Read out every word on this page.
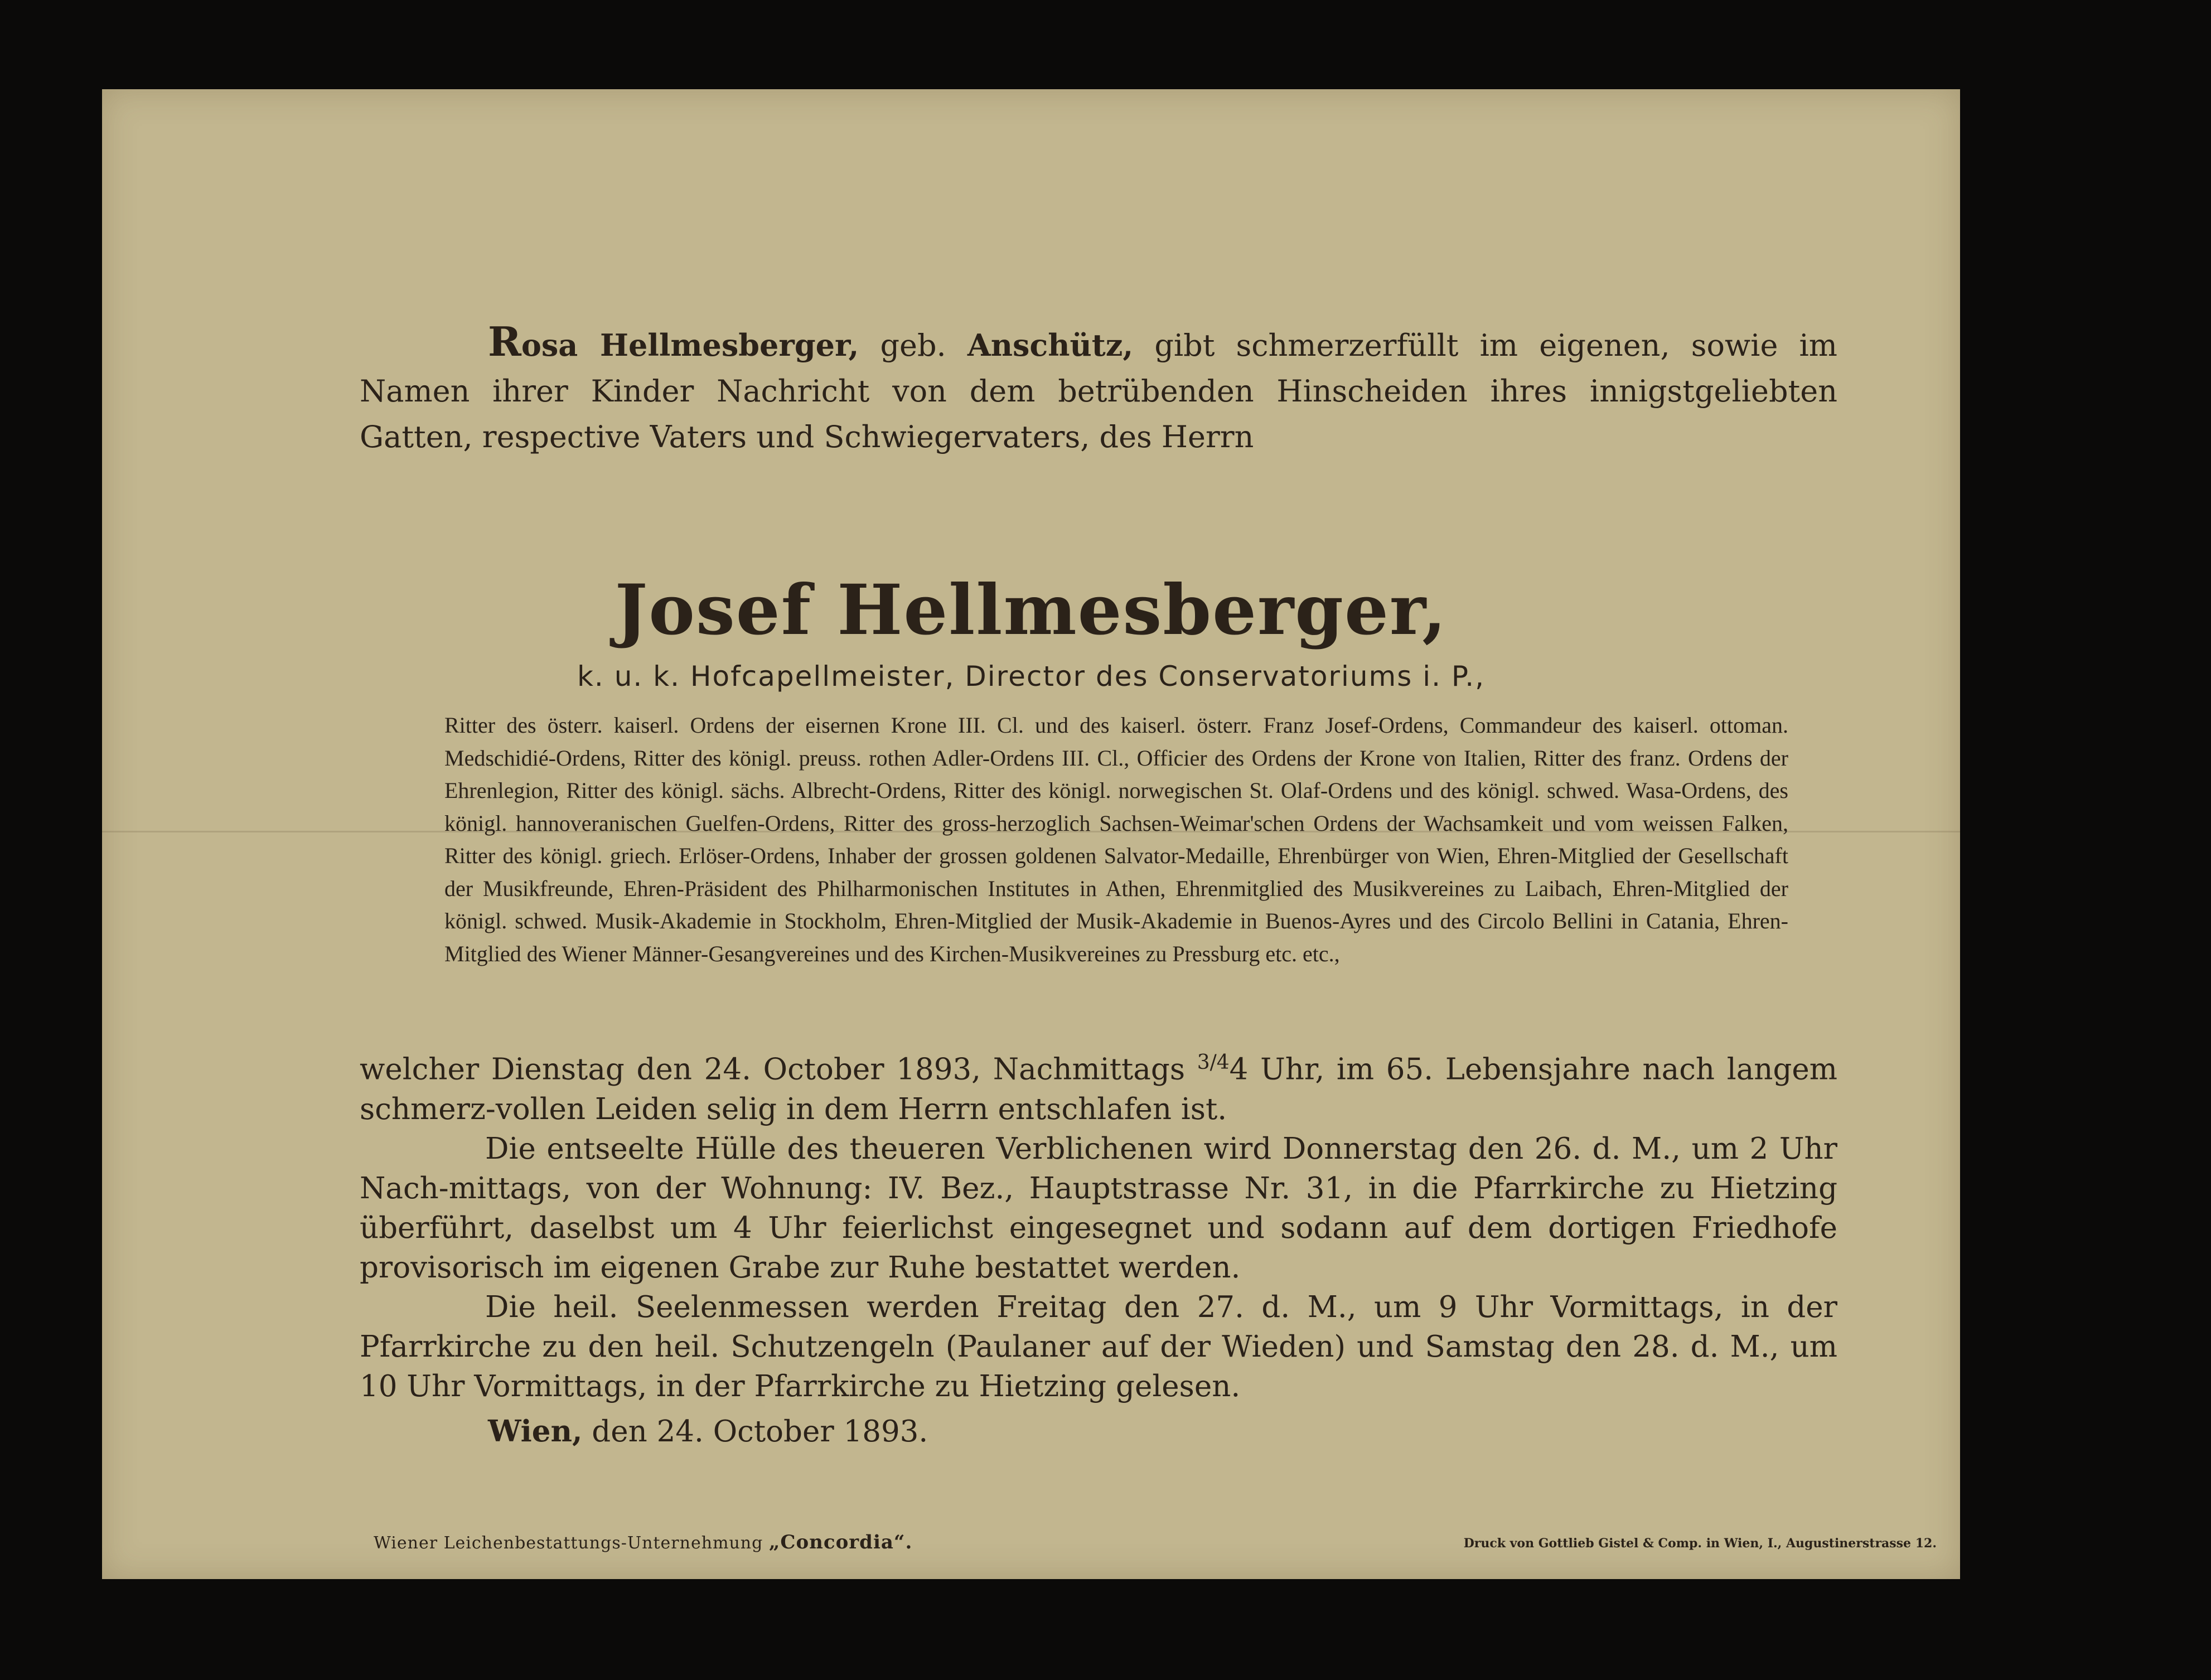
Rosa Hellmesberger, geb. Anschütz, gibt schmerzerfüllt im eigenen, sowie im Namen ihrer Kinder Nachricht von dem betrübenden Hinscheiden ihres innigstgeliebten Gatten, respective Vaters und Schwiegervaters, des Herrn

Josef Hellmesberger,
k. u. k. Hofcapellmeister, Director des Conservatoriums i. P.,

Ritter des österr. kaiserl. Ordens der eisernen Krone III. Cl. und des kaiserl. österr. Franz Josef-Ordens, Commandeur des kaiserl. ottoman. Medschidié-Ordens, Ritter des königl. preuss. rothen Adler-Ordens III. Cl., Officier des Ordens der Krone von Italien, Ritter des franz. Ordens der Ehrenlegion, Ritter des königl. sächs. Albrecht-Ordens, Ritter des königl. norwegischen St. Olaf-Ordens und des königl. schwed. Wasa-Ordens, des königl. hannoveranischen Guelfen-Ordens, Ritter des gross-herzoglich Sachsen-Weimar'schen Ordens der Wachsamkeit und vom weissen Falken, Ritter des königl. griech. Erlöser-Ordens, Inhaber der grossen goldenen Salvator-Medaille, Ehrenbürger von Wien, Ehren-Mitglied der Gesellschaft der Musikfreunde, Ehren-Präsident des Philharmonischen Institutes in Athen, Ehrenmitglied des Musikvereines zu Laibach, Ehren-Mitglied der königl. schwed. Musik-Akademie in Stockholm, Ehren-Mitglied der Musik-Akademie in Buenos-Ayres und des Circolo Bellini in Catania, Ehren-Mitglied des Wiener Männer-Gesangvereines und des Kirchen-Musikvereines zu Pressburg etc. etc.,

welcher Dienstag den 24. October 1893, Nachmittags $^{3/4}$4 Uhr, im 65. Lebensjahre nach langem schmerz-vollen Leiden selig in dem Herrn entschlafen ist.
Die entseelte Hülle des theueren Verblichenen wird Donnerstag den 26. d. M., um 2 Uhr Nach-mittags, von der Wohnung: IV. Bez., Hauptstrasse Nr. 31, in die Pfarrkirche zu Hietzing überführt, daselbst um 4 Uhr feierlichst eingesegnet und sodann auf dem dortigen Friedhofe provisorisch im eigenen Grabe zur Ruhe bestattet werden.
Die heil. Seelenmessen werden Freitag den 27. d. M., um 9 Uhr Vormittags, in der Pfarrkirche zu den heil. Schutzengeln (Paulaner auf der Wieden) und Samstag den 28. d. M., um 10 Uhr Vormittags, in der Pfarrkirche zu Hietzing gelesen.
Wien, den 24. October 1893.
Wiener Leichenbestattungs-Unternehmung „Concordia“.	Druck von Gottlieb Gistel & Comp. in Wien, I., Augustinerstrasse 12.
